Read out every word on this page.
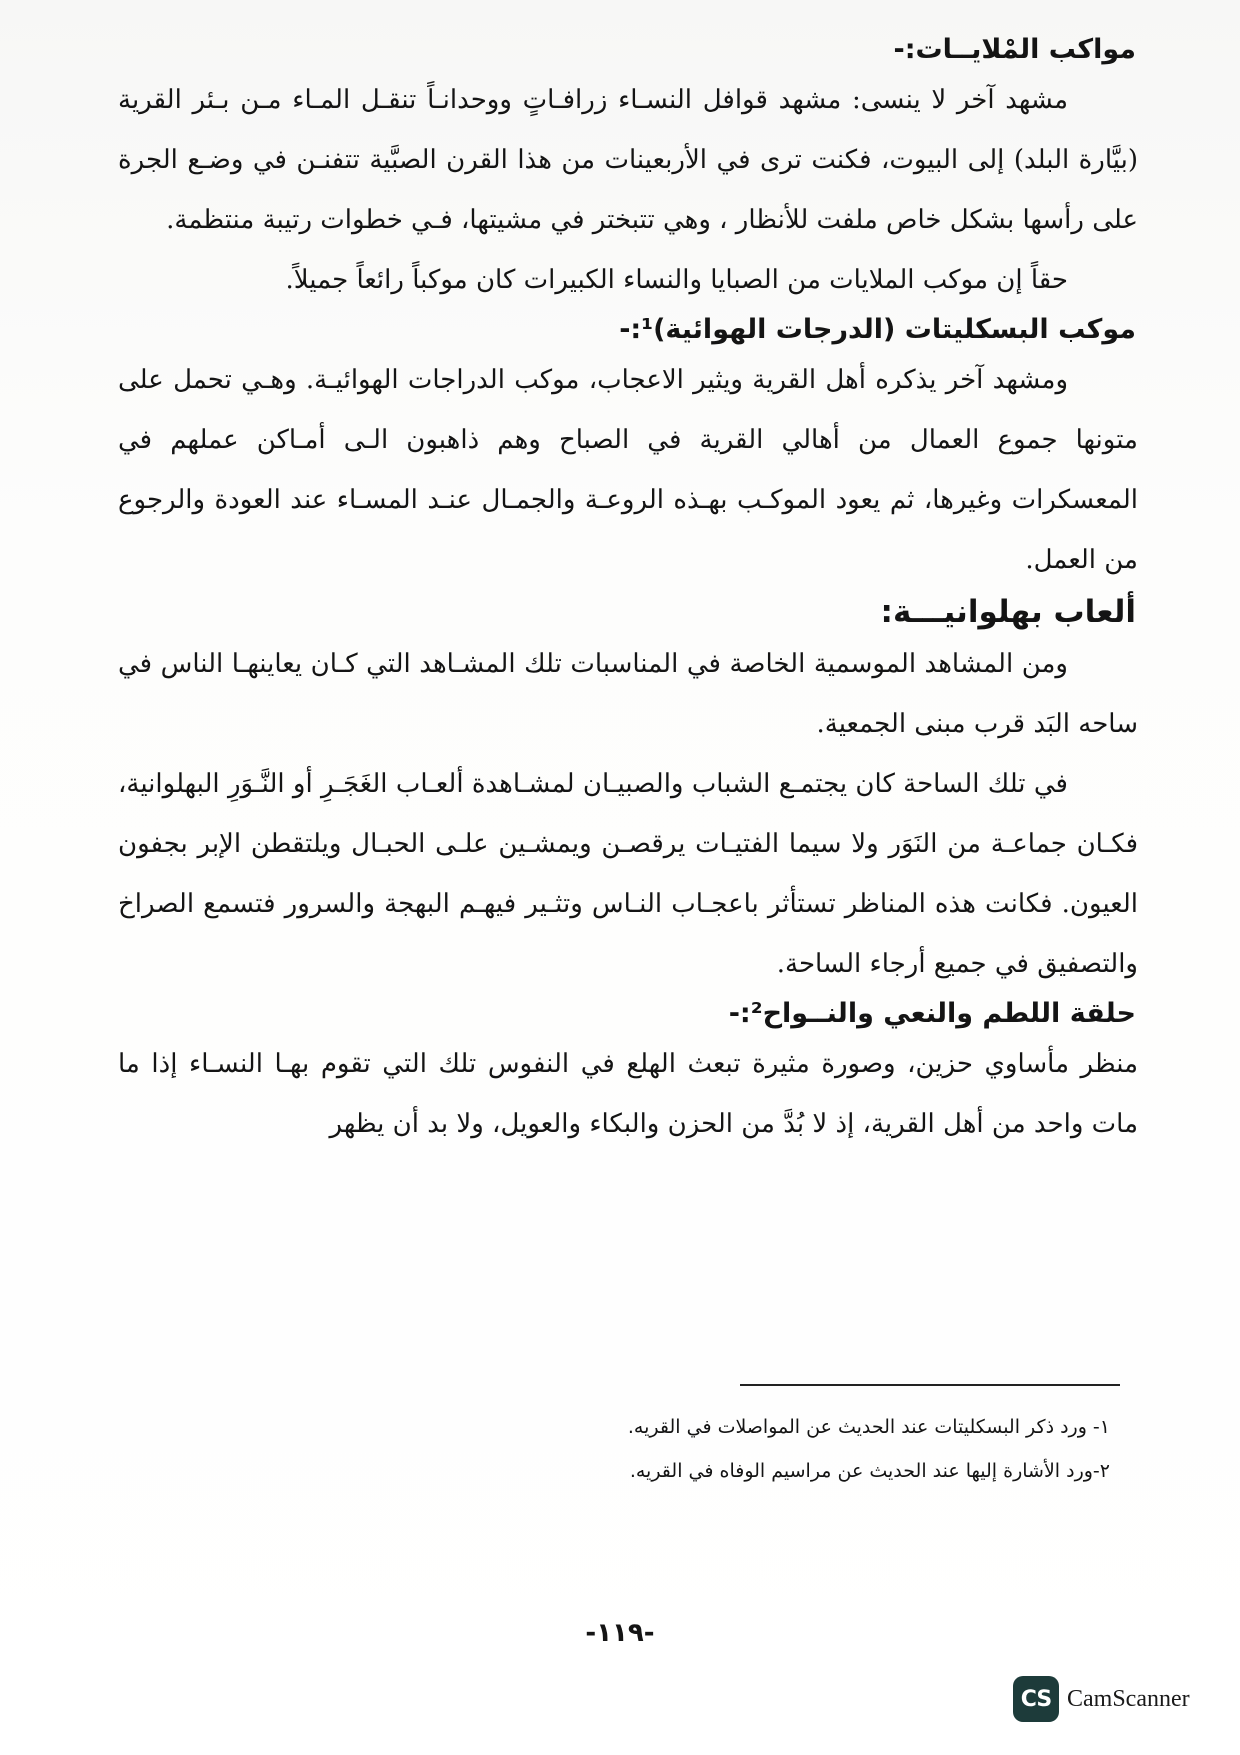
مواكب المْلايــات:-

مشهد آخر لا ينسى: مشهد قوافل النسـاء زرافـاتٍ ووحدانـاً تنقـل المـاء مـن بـئر القرية (بيَّارة البلد) إلى البيوت، فكنت ترى في الأربعينات من هذا القرن الصبَّية تتفنـن في وضـع الجرة على رأسها بشكل خاص ملفت للأنظار ، وهي تتبختر في مشيتها، فـي خطوات رتيبة منتظمة.

حقاً إن موكب الملايات من الصبايا والنساء الكبيرات كان موكباً رائعاً جميلاً.

موكب البسكليتات (الدرجات الهوائية)¹:-

ومشهد آخر يذكره أهل القرية ويثير الاعجاب، موكب الدراجات الهوائيـة. وهـي تحمل على متونها جموع العمال من أهالي القرية في الصباح وهم ذاهبون الـى أمـاكن عملهم في المعسكرات وغيرها، ثم يعود الموكـب بهـذه الروعـة والجمـال عنـد المسـاء عند العودة والرجوع من العمل.

ألعاب بهلوانيـــة:

ومن المشاهد الموسمية الخاصة في المناسبات تلك المشـاهد التي كـان يعاينهـا الناس في ساحه البَد قرب مبنى الجمعية.

في تلك الساحة كان يجتمـع الشباب والصبيـان لمشـاهدة ألعـاب الغَجَـرِ أو النَّـوَرِ البهلوانية، فكـان جماعـة من النَوَر ولا سيما الفتيـات يرقصـن ويمشـين علـى الحبـال ويلتقطن الإبر بجفون العيون. فكانت هذه المناظر تستأثر باعجـاب النـاس وتثـير فيهـم البهجة والسرور فتسمع الصراخ والتصفيق في جميع أرجاء الساحة.

حلقة اللطم والنعي والنــواح²:-

منظر مأساوي حزين، وصورة مثيرة تبعث الهلع في النفوس تلك التي تقوم بهـا النسـاء إذا ما مات واحد من أهل القرية، إذ لا بُدَّ من الحزن والبكاء والعويل، ولا بد أن يظهر

١- ورد ذكر البسكليتات عند الحديث عن المواصلات في القريه.

٢-ورد الأشارة إليها عند الحديث عن مراسيم الوفاه في القريه.

-١١٩-
CS CamScanner
